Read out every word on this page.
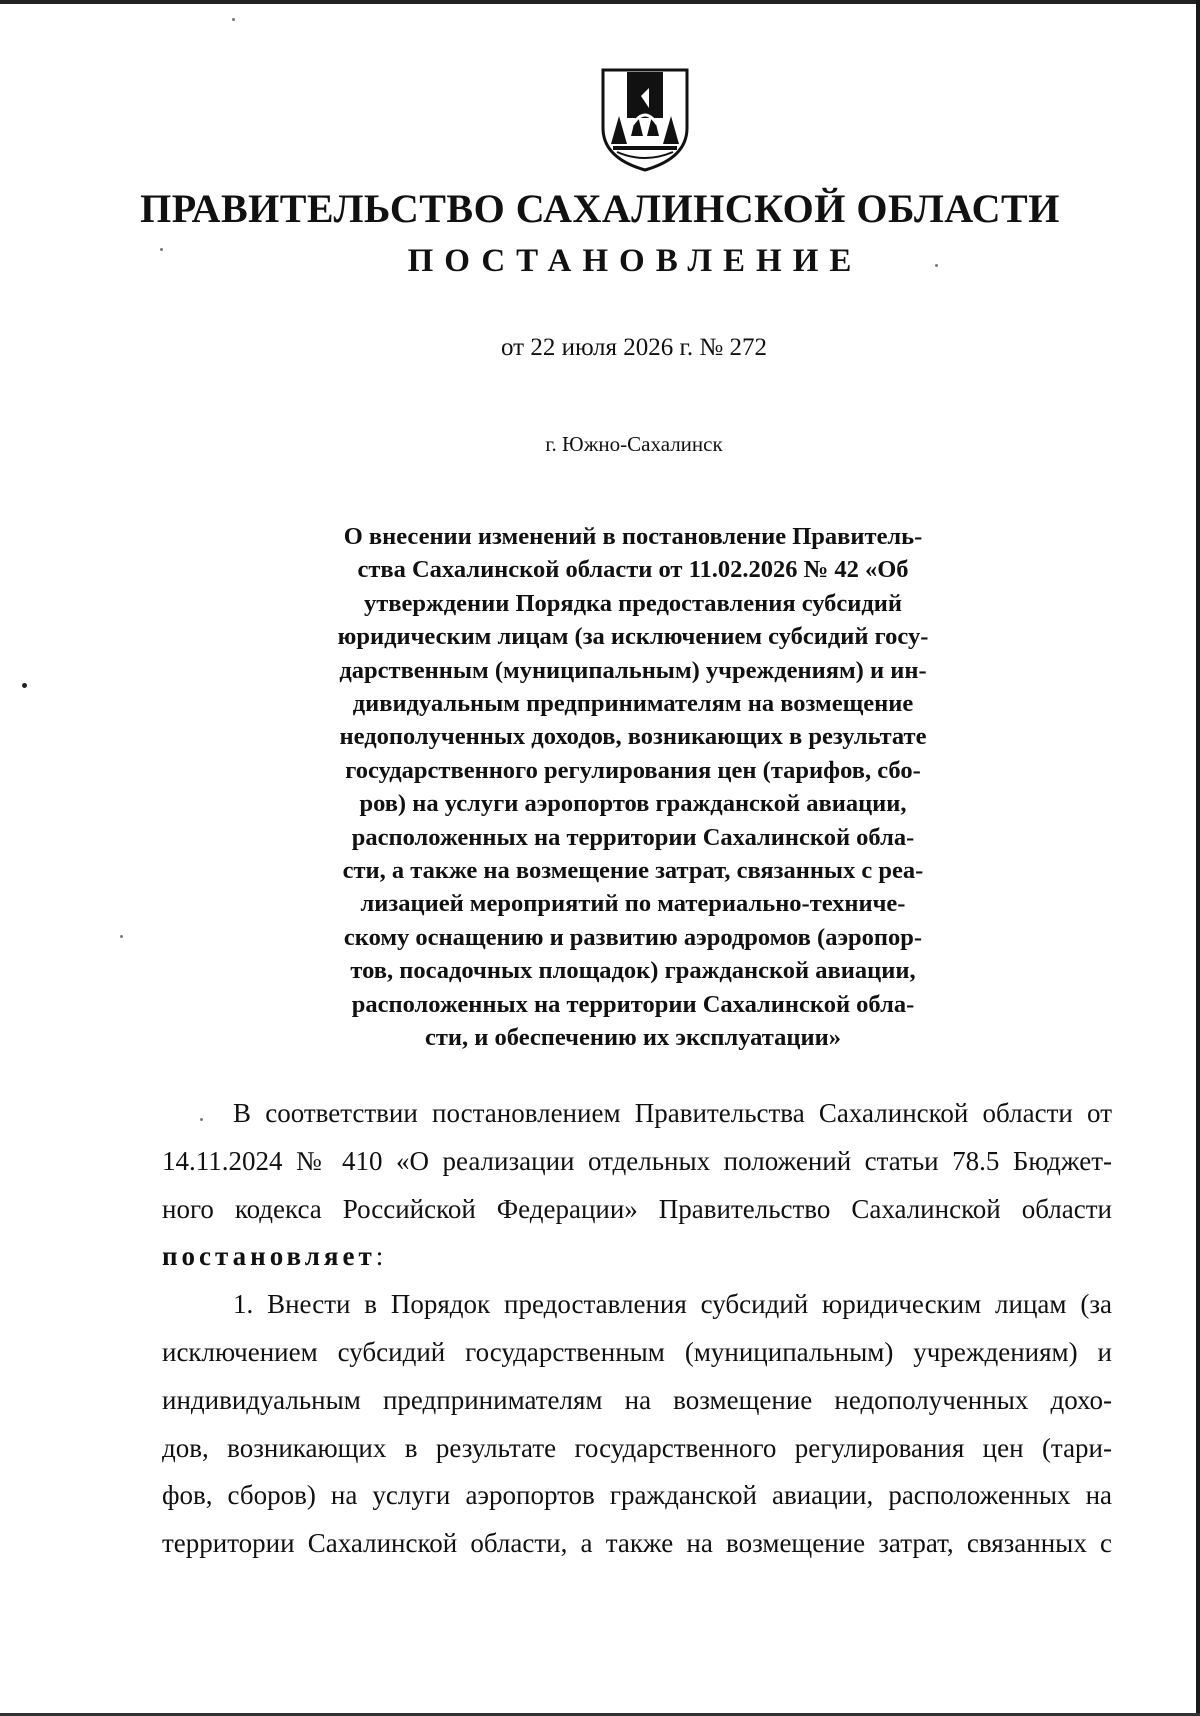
ПРАВИТЕЛЬСТВО САХАЛИНСКОЙ ОБЛАСТИ
ПОСТАНОВЛЕНИЕ
от 22 июля 2026 г. № 272
г. Южно-Сахалинск

О внесении изменений в постановление Правитель-
ства Сахалинской области от 11.02.2026 № 42 «Об
утверждении Порядка предоставления субсидий
юридическим лицам (за исключением субсидий госу-
дарственным (муниципальным) учреждениям) и ин-
дивидуальным предпринимателям на возмещение
недополученных доходов, возникающих в результате
государственного регулирования цен (тарифов, сбо-
ров) на услуги аэропортов гражданской авиации,
расположенных на территории Сахалинской обла-
сти, а также на возмещение затрат, связанных с реа-
лизацией мероприятий по материально-техниче-
скому оснащению и развитию аэродромов (аэропор-
тов, посадочных площадок) гражданской авиации,
расположенных на территории Сахалинской обла-
сти, и обеспечению их эксплуатации»

В соответствии постановлением Правительства Сахалинской области от
14.11.2024 № 410 «О реализации отдельных положений статьи 78.5 Бюджет-
ного кодекса Российской Федерации» Правительство Сахалинской области
постановляет:
1. Внести в Порядок предоставления субсидий юридическим лицам (за
исключением субсидий государственным (муниципальным) учреждениям) и
индивидуальным предпринимателям на возмещение недополученных дохо-
дов, возникающих в результате государственного регулирования цен (тари-
фов, сборов) на услуги аэропортов гражданской авиации, расположенных на
территории Сахалинской области, а также на возмещение затрат, связанных с
